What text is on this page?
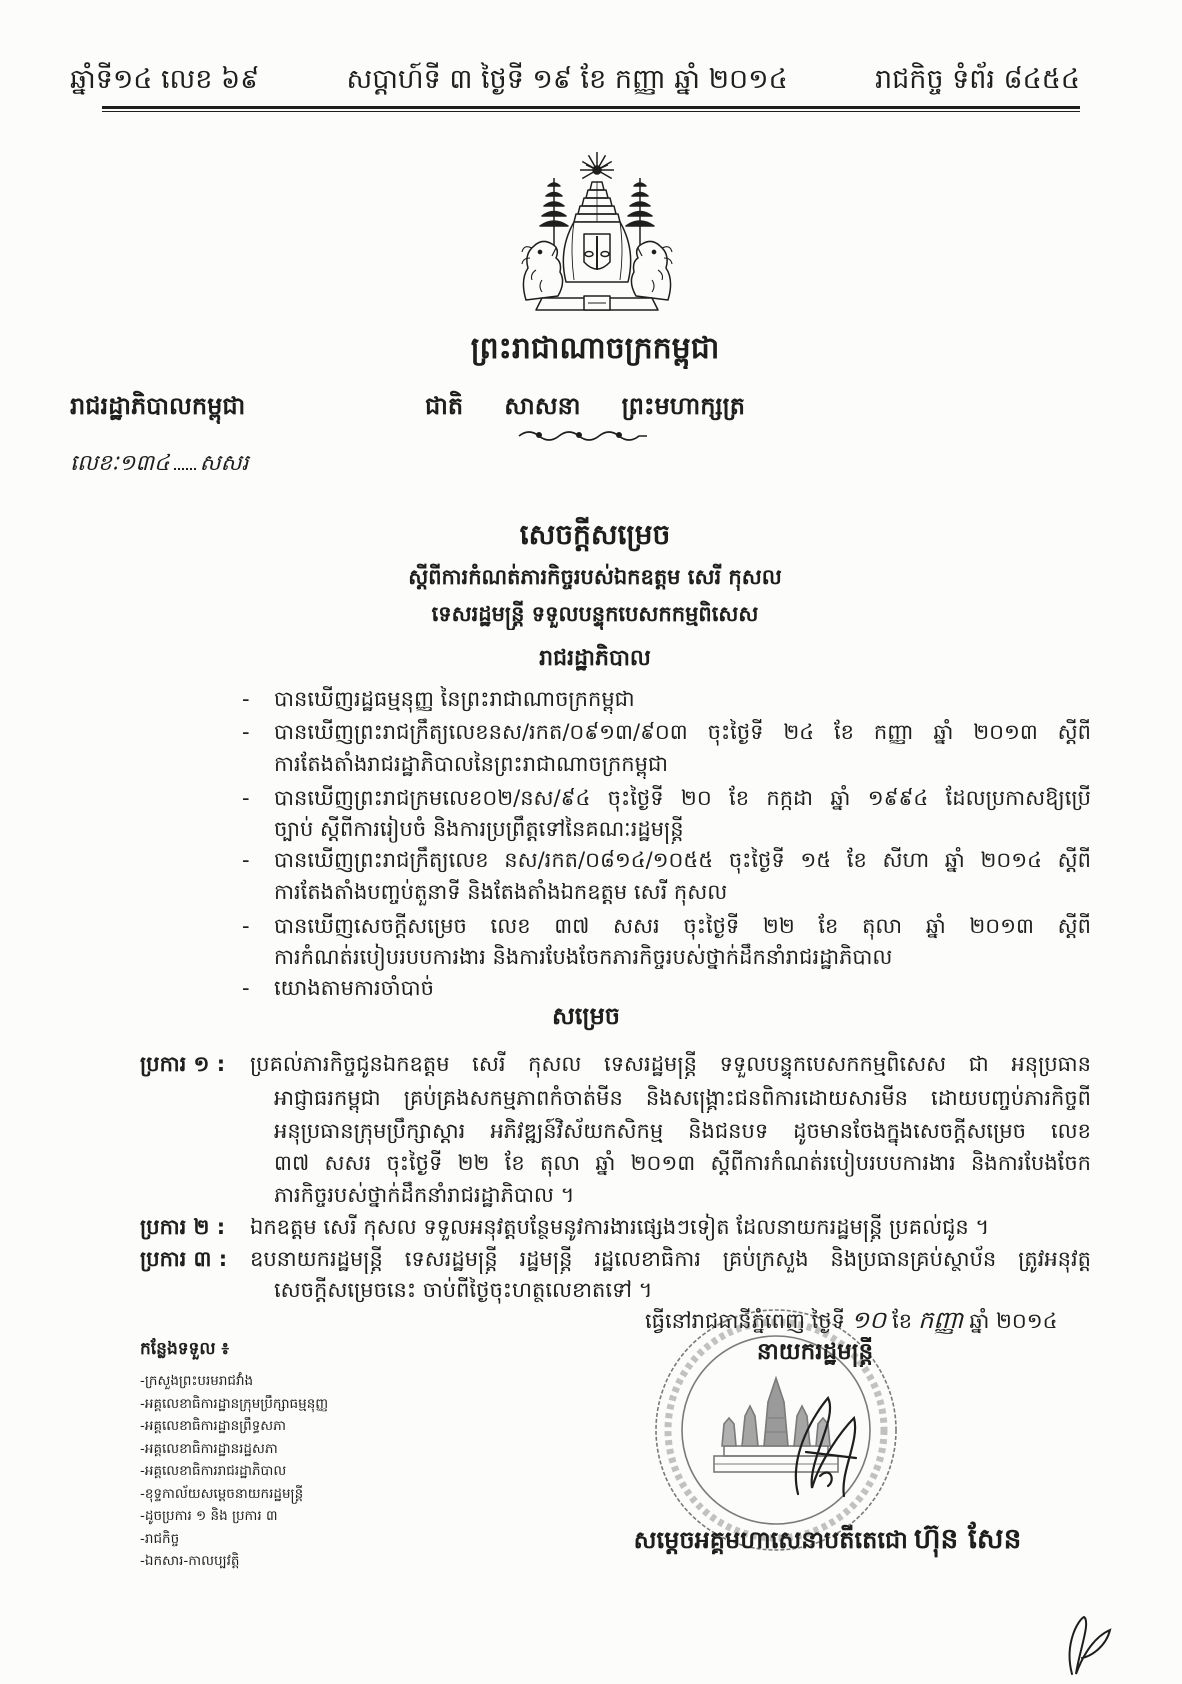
ឆ្នាំទី១៤ លេខ ៦៩	សប្តាហ៍ទី ៣ ថ្ងៃទី ១៩ ខែ កញ្ញា ឆ្នាំ ២០១៤	រាជកិច្ច ទំព័រ ៨៤៥៤
ព្រះរាជាណាចក្រកម្ពុជា
ជាតិ សាសនា ព្រះមហាក្សត្រ
រាជរដ្ឋាភិបាលកម្ពុជា
លេខៈ១៣៤ សសរ
សេចក្តីសម្រេច
ស្តីពីការកំណត់ភារកិច្ចរបស់ឯកឧត្តម សេរី កុសល
ទេសរដ្ឋមន្ត្រី ទទួលបន្ទុកបេសកកម្មពិសេស
រាជរដ្ឋាភិបាល
-	បានឃើញរដ្ឋធម្មនុញ្ញ នៃព្រះរាជាណាចក្រកម្ពុជា
-	បានឃើញព្រះរាជក្រឹត្យលេខនស/រកត/០៩១៣/៩០៣ ចុះថ្ងៃទី ២៤ ខែ កញ្ញា ឆ្នាំ ២០១៣ ស្តីពី
ការតែងតាំងរាជរដ្ឋាភិបាលនៃព្រះរាជាណាចក្រកម្ពុជា
-	បានឃើញព្រះរាជក្រមលេខ០២/នស/៩៤ ចុះថ្ងៃទី ២០ ខែ កក្កដា ឆ្នាំ ១៩៩៤ ដែលប្រកាសឱ្យប្រើ
ច្បាប់ ស្តីពីការរៀបចំ និងការប្រព្រឹត្តទៅនៃគណៈរដ្ឋមន្ត្រី
-	បានឃើញព្រះរាជក្រឹត្យលេខ នស/រកត/០៨១៤/១០៥៥ ចុះថ្ងៃទី ១៥ ខែ សីហា ឆ្នាំ ២០១៤ ស្តីពី
ការតែងតាំងបញ្ចប់តួនាទី និងតែងតាំងឯកឧត្តម សេរី កុសល
-	បានឃើញសេចក្តីសម្រេច លេខ ៣៧ សសរ ចុះថ្ងៃទី ២២ ខែ តុលា ឆ្នាំ ២០១៣ ស្តីពី
ការកំណត់របៀបរបបការងារ និងការបែងចែកភារកិច្ចរបស់ថ្នាក់ដឹកនាំរាជរដ្ឋាភិបាល
-	យោងតាមការចាំបាច់
សម្រេច
ប្រការ ១ :	ប្រគល់ភារកិច្ចជូនឯកឧត្តម សេរី កុសល ទេសរដ្ឋមន្ត្រី ទទួលបន្ទុកបេសកកម្មពិសេស ជា អនុប្រធាន
អាជ្ញាធរកម្ពុជា គ្រប់គ្រងសកម្មភាពកំចាត់មីន និងសង្គ្រោះជនពិការដោយសារមីន ដោយបញ្ចប់ភារកិច្ចពី
អនុប្រធានក្រុមប្រឹក្សាស្តារ អភិវឌ្ឍន៍វិស័យកសិកម្ម និងជនបទ ដូចមានចែងក្នុងសេចក្តីសម្រេច លេខ
៣៧ សសរ ចុះថ្ងៃទី ២២ ខែ តុលា ឆ្នាំ ២០១៣ ស្តីពីការកំណត់របៀបរបបការងារ និងការបែងចែក
ភារកិច្ចរបស់ថ្នាក់ដឹកនាំរាជរដ្ឋាភិបាល ។
ប្រការ ២ :	ឯកឧត្តម សេរី កុសល ទទួលអនុវត្តបន្ថែមនូវការងារផ្សេងៗទៀត ដែលនាយករដ្ឋមន្ត្រី ប្រគល់ជូន ។
ប្រការ ៣ :	ឧបនាយករដ្ឋមន្ត្រី ទេសរដ្ឋមន្ត្រី រដ្ឋមន្ត្រី រដ្ឋលេខាធិការ គ្រប់ក្រសួង និងប្រធានគ្រប់ស្ថាប័ន ត្រូវអនុវត្ត
សេចក្តីសម្រេចនេះ ចាប់ពីថ្ងៃចុះហត្ថលេខាតទៅ ។
ធ្វើនៅរាជធានីភ្នំពេញ ថ្ងៃទី ១០ ខែ កញ្ញា ឆ្នាំ ២០១៤
នាយករដ្ឋមន្ត្រី
សម្តេចអគ្គមហាសេនាបតីតេជោ ហ៊ុន សែន
កន្លែងទទួល ៖
-ក្រសួងព្រះបរមរាជវាំង
-អគ្គលេខាធិការដ្ឋានក្រុមប្រឹក្សាធម្មនុញ្ញ
-អគ្គលេខាធិការដ្ឋានព្រឹទ្ធសភា
-អគ្គលេខាធិការដ្ឋានរដ្ឋសភា
-អគ្គលេខាធិការរាជរដ្ឋាភិបាល
-ខុទ្ទកាល័យសម្តេចនាយករដ្ឋមន្ត្រី
-ដូចប្រការ ១ និង ប្រការ ៣
-រាជកិច្ច
-ឯកសារ-កាលប្បវត្តិ
